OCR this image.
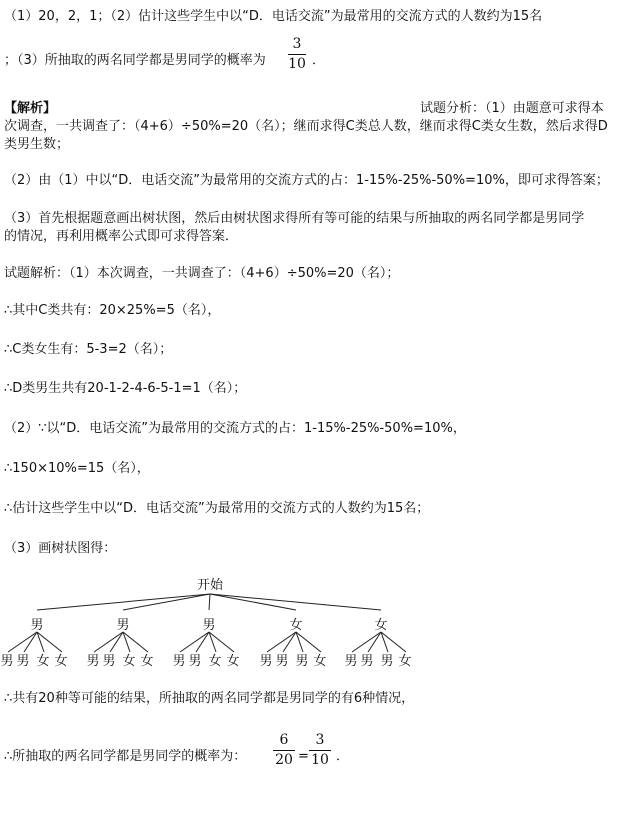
（1）20，2，1；（2）估计这些学生中以“D．电话交流”为最常用的交流方式的人数约为15名
；（3）所抽取的两名同学都是男同学的概率为
3
10 ．
【解析】	试题分析：（1）由题意可求得本
次调查，一共调查了：（4+6）÷50%=20（名）；继而求得C类总人数，继而求得C类女生数，然后求得D
类男生数；
（2）由（1）中以“D．电话交流”为最常用的交流方式的占：1-15%-25%-50%=10%，即可求得答案；
（3）首先根据题意画出树状图，然后由树状图求得所有等可能的结果与所抽取的两名同学都是男同学
的情况，再利用概率公式即可求得答案．
试题解析：（1）本次调查，一共调查了：（4+6）÷50%=20（名）；
∴其中C类共有：20×25%=5（名），
∴C类女生有：5-3=2（名）；
∴D类男生共有20-1-2-4-6-5-1=1（名）；
（2）∵以“D．电话交流”为最常用的交流方式的占：1-15%-25%-50%=10%，
∴150×10%=15（名），
∴估计这些学生中以“D．电话交流”为最常用的交流方式的人数约为15名；
（3）画树状图得：
开始
男
男 男 女 女
男
男 男 女 女
男
男 男 女 女
女
男 男 男 女
女
男 男 男 女
∴共有20种等可能的结果，所抽取的两名同学都是男同学的有6种情况，
∴所抽取的两名同学都是男同学的概率为：
6
20 =
3
10 ．
